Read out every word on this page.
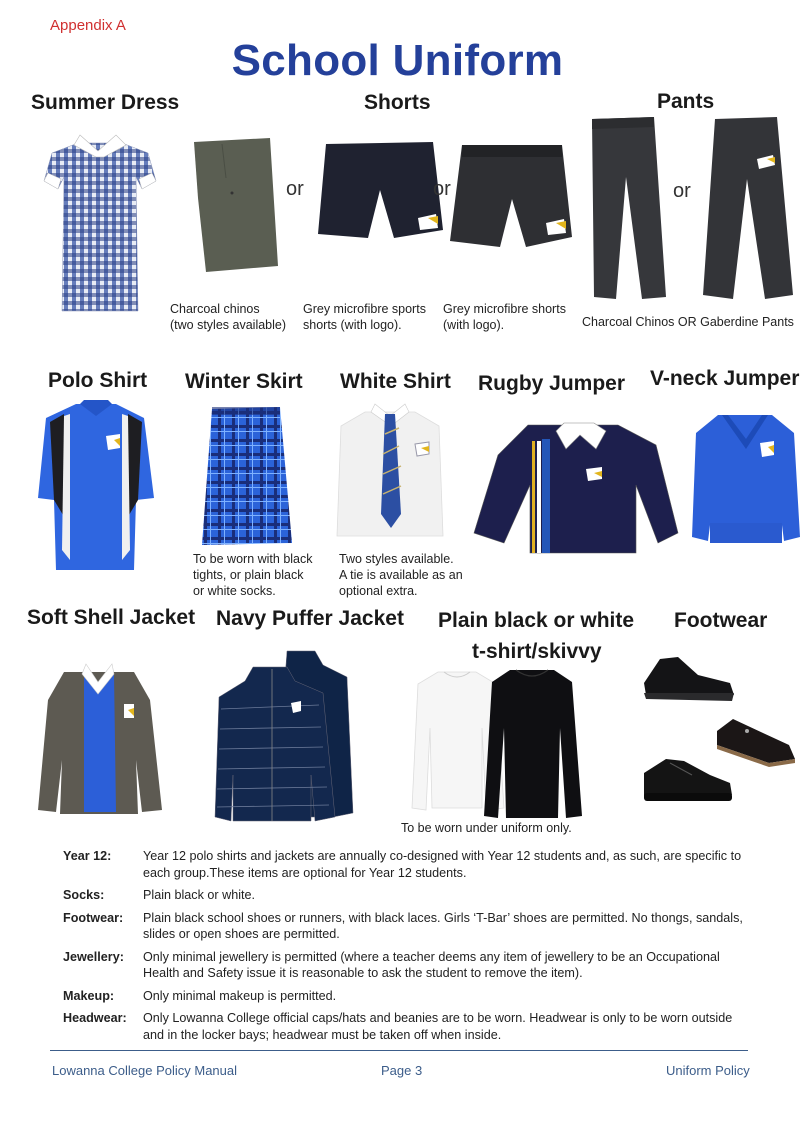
Appendix A
School Uniform
Summer Dress	Shorts	Pants
or	or	or
Charcoal chinos
(two styles available)
Grey microfibre sports
shorts (with logo).
Grey microfibre shorts
(with logo).	Charcoal Chinos OR Gaberdine Pants
Polo Shirt Winter Skirt White Shirt Rugby Jumper V-neck Jumper
To be worn with black
tights, or plain black
or white socks.
Two styles available.
A tie is available as an
optional extra.
Soft Shell Jacket Navy Puffer Jacket Plain black or white
t-shirt/skivvy
Footwear
To be worn under uniform only.
Year 12:	Year 12 polo shirts and jackets are annually co-designed with Year 12 students and, as such, are specific to each group.These items are optional for Year 12 students.
Socks:	Plain black or white.
Footwear:	Plain black school shoes or runners, with black laces. Girls ‘T-Bar’ shoes are permitted. No thongs, sandals, slides or open shoes are permitted.
Jewellery:	Only minimal jewellery is permitted (where a teacher deems any item of jewellery to be an Occupational Health and Safety issue it is reasonable to ask the student to remove the item).
Makeup:	Only minimal makeup is permitted.
Headwear:	Only Lowanna College official caps/hats and beanies are to be worn. Headwear is only to be worn outside and in the locker bays; headwear must be taken off when inside.
Lowanna College Policy Manual	Page 3	Uniform Policy
